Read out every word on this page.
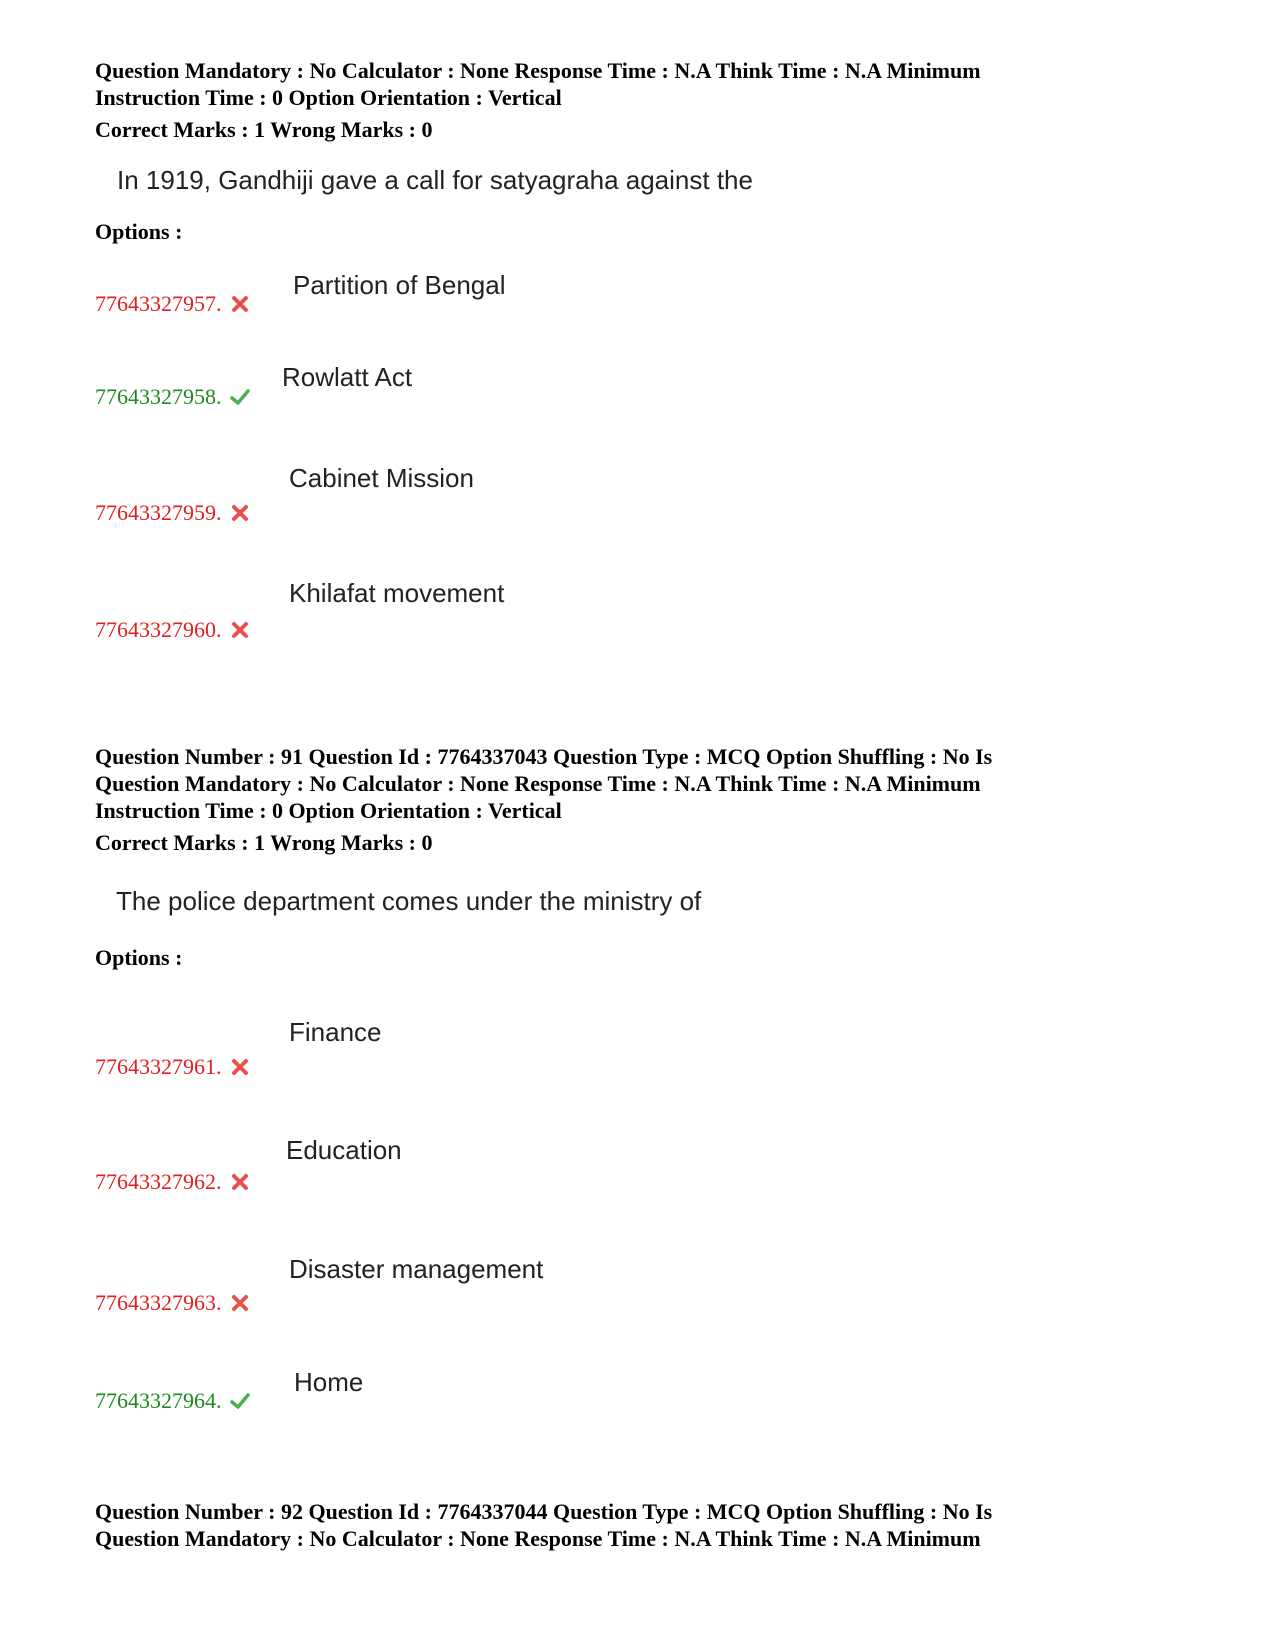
Question Mandatory : No Calculator : None Response Time : N.A Think Time : N.A Minimum
Instruction Time : 0 Option Orientation : Vertical
Correct Marks : 1 Wrong Marks : 0
In 1919, Gandhiji gave a call for satyagraha against the
Options :
77643327957.
Partition of Bengal
77643327958.
Rowlatt Act
77643327959.
Cabinet Mission
77643327960.
Khilafat movement
Question Number : 91 Question Id : 7764337043 Question Type : MCQ Option Shuffling : No Is
Question Mandatory : No Calculator : None Response Time : N.A Think Time : N.A Minimum
Instruction Time : 0 Option Orientation : Vertical
Correct Marks : 1 Wrong Marks : 0
The police department comes under the ministry of
Options :
77643327961.
Finance
77643327962.
Education
77643327963.
Disaster management
77643327964.
Home
Question Number : 92 Question Id : 7764337044 Question Type : MCQ Option Shuffling : No Is
Question Mandatory : No Calculator : None Response Time : N.A Think Time : N.A Minimum
